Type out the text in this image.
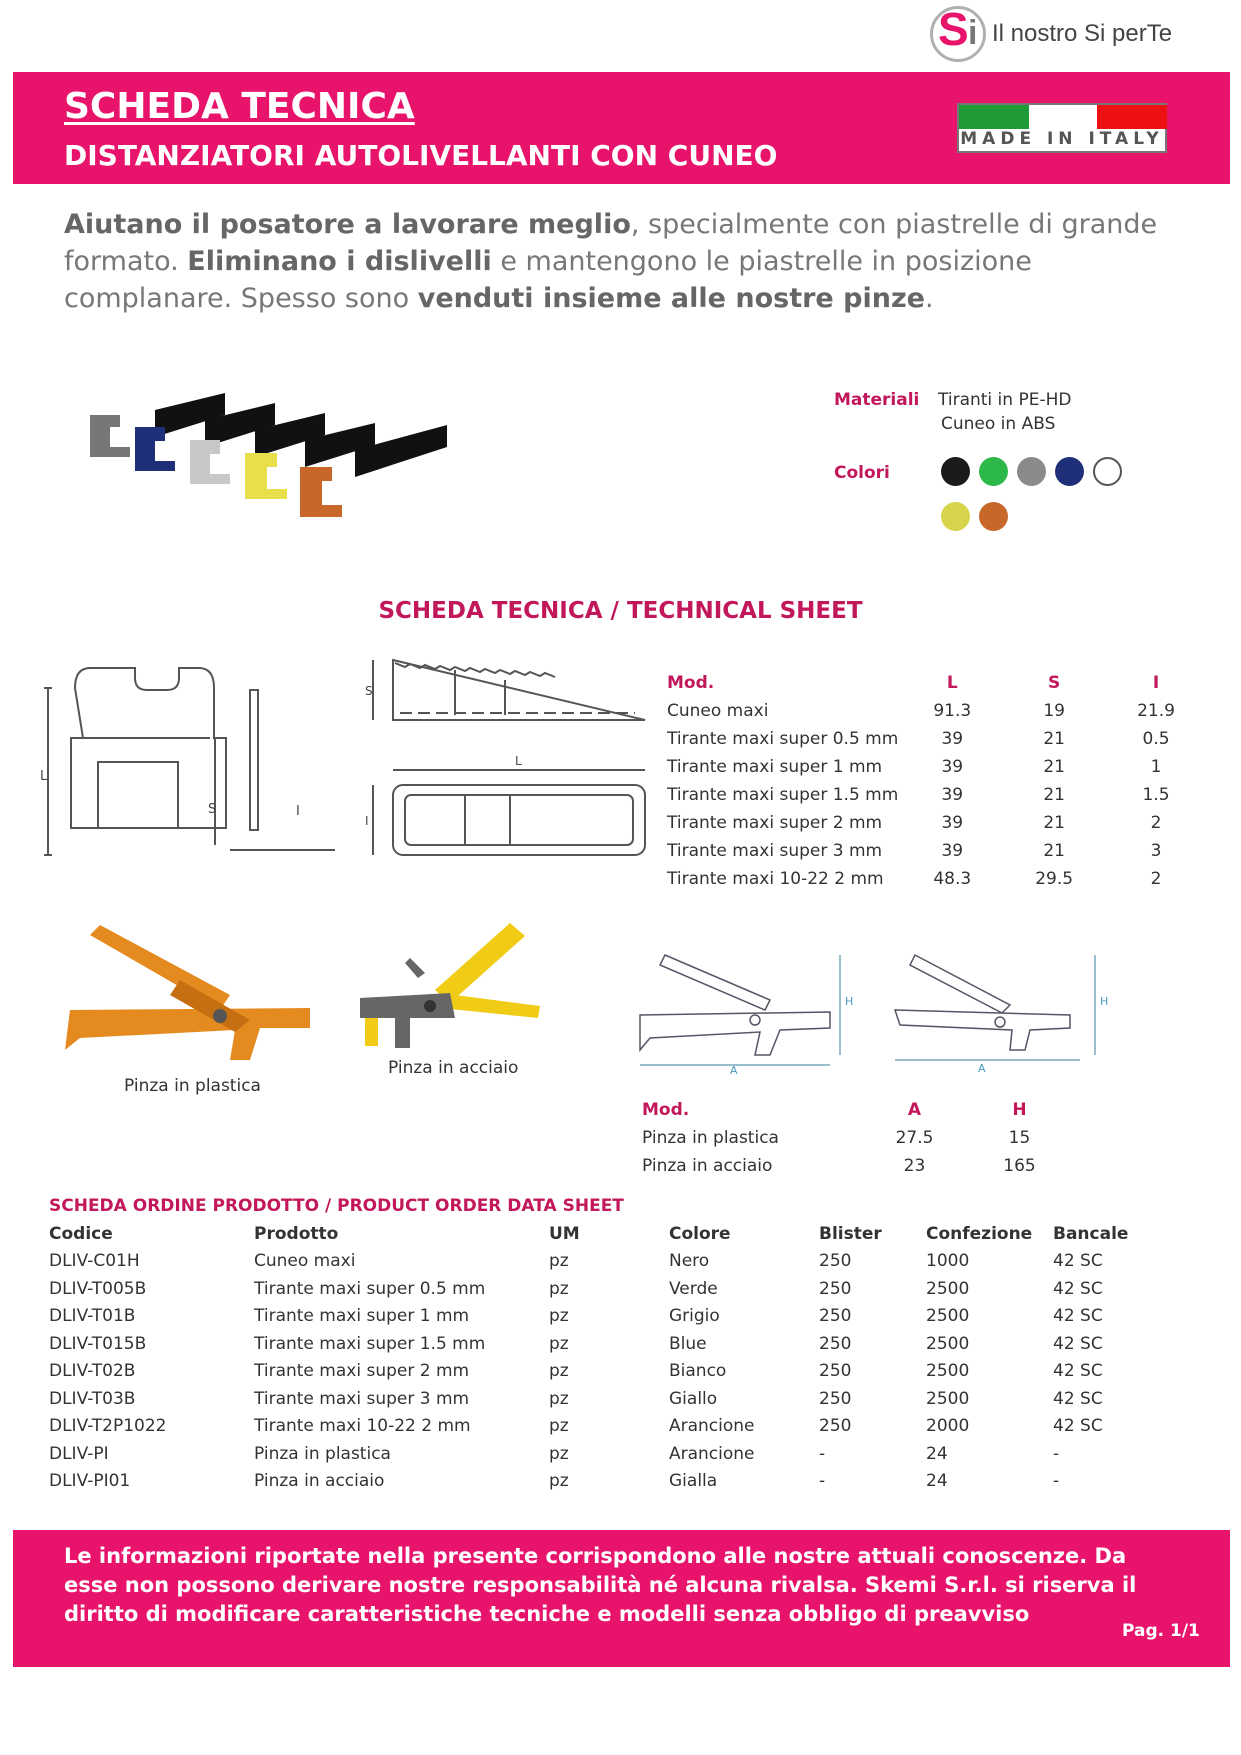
S i Il nostro Si perTe
SCHEDA TECNICA
DISTANZIATORI AUTOLIVELLANTI CON CUNEO	MADE IN ITALY
Aiutano il posatore a lavorare meglio, specialmente con piastrelle di grande formato. Eliminano i dislivelli e mantengono le piastrelle in posizione complanare. Spesso sono venduti insieme alle nostre pinze.
Materiali Tiranti in PE-HD
Cuneo in ABS
Colori
SCHEDA TECNICA / TECHNICAL SHEET
L
S	I
S
L
I
Mod.	L	S	I
Cuneo maxi	91.3	19	21.9
Tirante maxi super 0.5 mm	39	21	0.5
Tirante maxi super 1 mm	39	21	1
Tirante maxi super 1.5 mm	39	21	1.5
Tirante maxi super 2 mm	39	21	2
Tirante maxi super 3 mm	39	21	3
Tirante maxi 10-22 2 mm	48.3	29.5	2
Pinza in plastica
Pinza in acciaio	A
H
A
H
Mod.	A	H
Pinza in plastica	27.5	15
Pinza in acciaio	23	165
SCHEDA ORDINE PRODOTTO / PRODUCT ORDER DATA SHEET
Codice	Prodotto	UM	Colore	Blister	Confezione	Bancale
DLIV-C01H	Cuneo maxi	pz	Nero	250	1000	42 SC
DLIV-T005B	Tirante maxi super 0.5 mm	pz	Verde	250	2500	42 SC
DLIV-T01B	Tirante maxi super 1 mm	pz	Grigio	250	2500	42 SC
DLIV-T015B	Tirante maxi super 1.5 mm	pz	Blue	250	2500	42 SC
DLIV-T02B	Tirante maxi super 2 mm	pz	Bianco	250	2500	42 SC
DLIV-T03B	Tirante maxi super 3 mm	pz	Giallo	250	2500	42 SC
DLIV-T2P1022	Tirante maxi 10-22 2 mm	pz	Arancione	250	2000	42 SC
DLIV-PI	Pinza in plastica	pz	Arancione	-	24	-
DLIV-PI01	Pinza in acciaio	pz	Gialla	-	24	-
Le informazioni riportate nella presente corrispondono alle nostre attuali conoscenze. Da esse non possono derivare nostre responsabilità né alcuna rivalsa. Skemi S.r.l. si riserva il diritto di modificare caratteristiche tecniche e modelli senza obbligo di preavviso
Pag. 1/1
